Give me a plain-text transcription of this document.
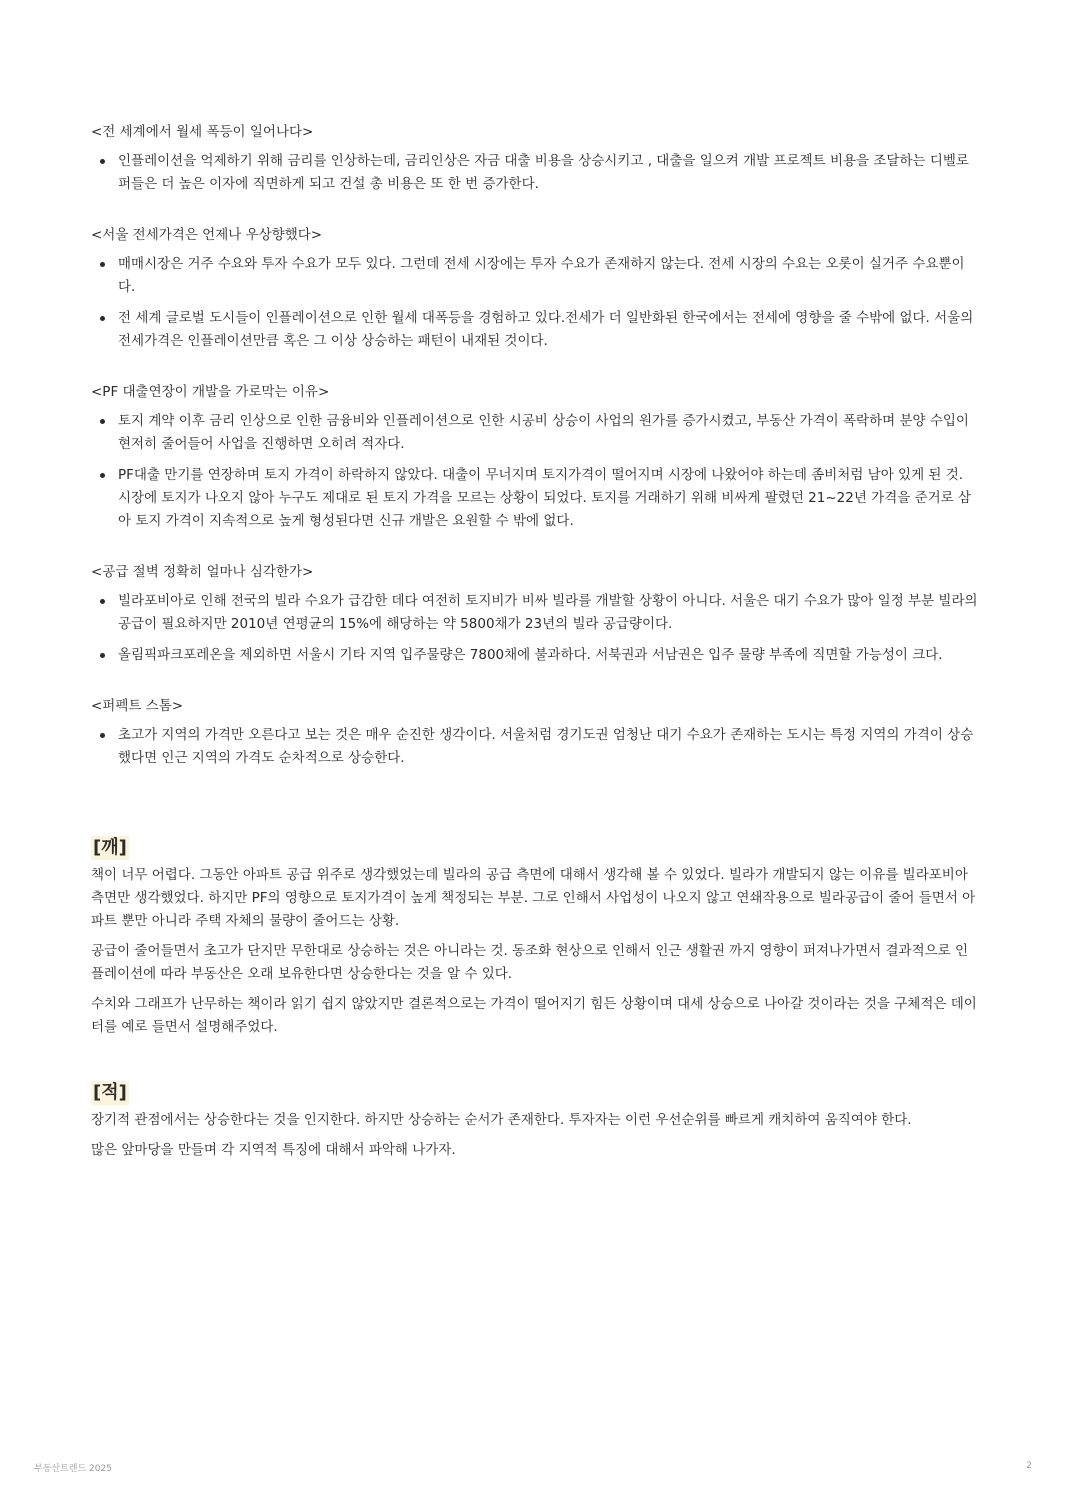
<전 세계에서 월세 폭등이 일어나다>
인플레이션을 억제하기 위해 금리를 인상하는데, 금리인상은 자금 대출 비용을 상승시키고 , 대출을 일으켜 개발 프로젝트 비용을 조달하는 디벨로퍼들은 더 높은 이자에 직면하게 되고 건설 총 비용은 또 한 번 증가한다.
<서울 전세가격은 언제나 우상향했다>
매매시장은 거주 수요와 투자 수요가 모두 있다. 그런데 전세 시장에는 투자 수요가 존재하지 않는다. 전세 시장의 수요는 오롯이 실거주 수요뿐이다.
전 세계 글로벌 도시들이 인플레이션으로 인한 월세 대폭등을 경험하고 있다.전세가 더 일반화된 한국에서는 전세에 영향을 줄 수밖에 없다. 서울의 전세가격은 인플레이션만큼 혹은 그 이상 상승하는 패턴이 내재된 것이다.
<PF 대출연장이 개발을 가로막는 이유>
토지 계약 이후 금리 인상으로 인한 금융비와 인플레이션으로 인한 시공비 상승이 사업의 원가를 증가시켰고, 부동산 가격이 폭락하며 분양 수입이 현저히 줄어들어 사업을 진행하면 오히려 적자다.
PF대출 만기를 연장하며 토지 가격이 하락하지 않았다. 대출이 무너지며 토지가격이 떨어지며 시장에 나왔어야 하는데 좀비처럼 남아 있게 된 것. 시장에 토지가 나오지 않아 누구도 제대로 된 토지 가격을 모르는 상황이 되었다. 토지를 거래하기 위해 비싸게 팔렸던 21~22년 가격을 준거로 삼아 토지 가격이 지속적으로 높게 형성된다면 신규 개발은 요원할 수 밖에 없다.
<공급 절벽 정확히 얼마나 심각한가>
빌라포비아로 인해 전국의 빌라 수요가 급감한 데다 여전히 토지비가 비싸 빌라를 개발할 상황이 아니다. 서울은 대기 수요가 많아 일정 부분 빌라의 공급이 필요하지만 2010년 연평균의 15%에 해당하는 약 5800채가 23년의 빌라 공급량이다.
올림픽파크포레온을 제외하면 서울시 기타 지역 입주물량은 7800채에 불과하다. 서북권과 서남권은 입주 물량 부족에 직면할 가능성이 크다.
<퍼펙트 스톰>
초고가 지역의 가격만 오른다고 보는 것은 매우 순진한 생각이다. 서울처럼 경기도권 엄청난 대기 수요가 존재하는 도시는 특정 지역의 가격이 상승했다면 인근 지역의 가격도 순차적으로 상승한다.
[깨]

책이 너무 어렵다. 그동안 아파트 공급 위주로 생각했었는데 빌라의 공급 측면에 대해서 생각해 볼 수 있었다. 빌라가 개발되지 않는 이유를 빌라포비아 측면만 생각했었다. 하지만 PF의 영향으로 토지가격이 높게 책정되는 부분. 그로 인해서 사업성이 나오지 않고 연쇄작용으로 빌라공급이 줄어 들면서 아파트 뿐만 아니라 주택 자체의 물량이 줄어드는 상황.

공급이 줄어들면서 초고가 단지만 무한대로 상승하는 것은 아니라는 것. 동조화 현상으로 인해서 인근 생활권 까지 영향이 퍼져나가면서 결과적으로 인플레이션에 따라 부동산은 오래 보유한다면 상승한다는 것을 알 수 있다.

수치와 그래프가 난무하는 책이라 읽기 쉽지 않았지만 결론적으로는 가격이 떨어지기 힘든 상황이며 대세 상승으로 나아갈 것이라는 것을 구체적은 데이터를 예로 들면서 설명해주었다.

[적]

장기적 관점에서는 상승한다는 것을 인지한다. 하지만 상승하는 순서가 존재한다. 투자자는 이런 우선순위를 빠르게 캐치하여 움직여야 한다.

많은 앞마당을 만들며 각 지역적 특징에 대해서 파악해 나가자.

부동산트렌드 2025	2
